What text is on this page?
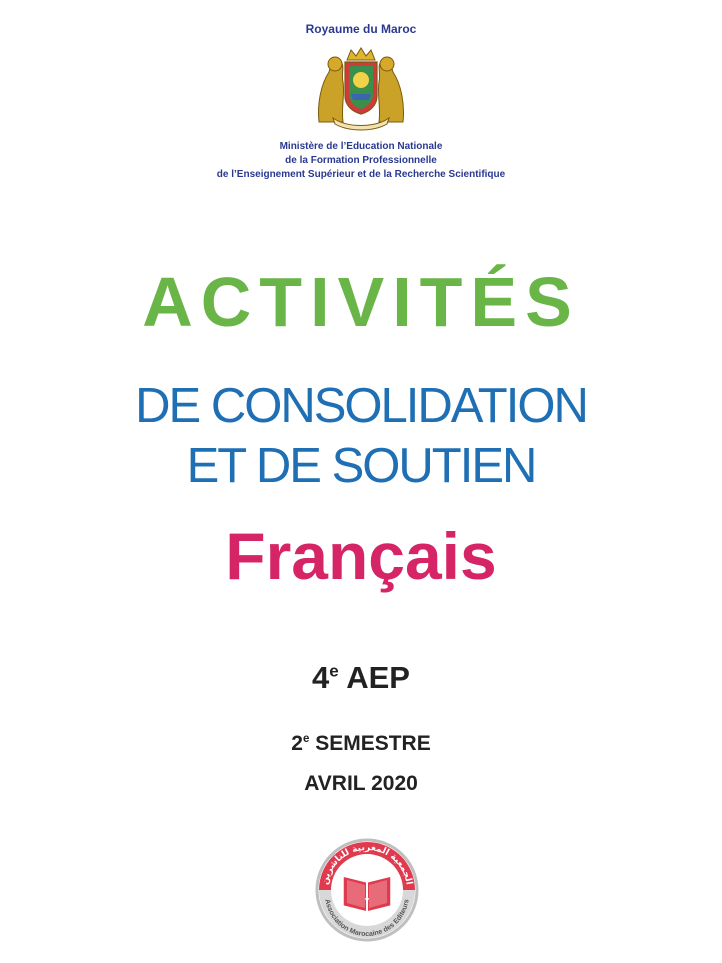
Royaume du Maroc
Ministère de l’Education Nationale
de la Formation Professionnelle
de l’Enseignement Supérieur et de la Recherche Scientifique
ACTIVITÉS
DE CONSOLIDATION
ET DE SOUTIEN
Français
4e AEP
2e SEMESTRE
AVRIL 2020
الجمعية المغربية للناشرين
Association Marocaine des Editeurs
